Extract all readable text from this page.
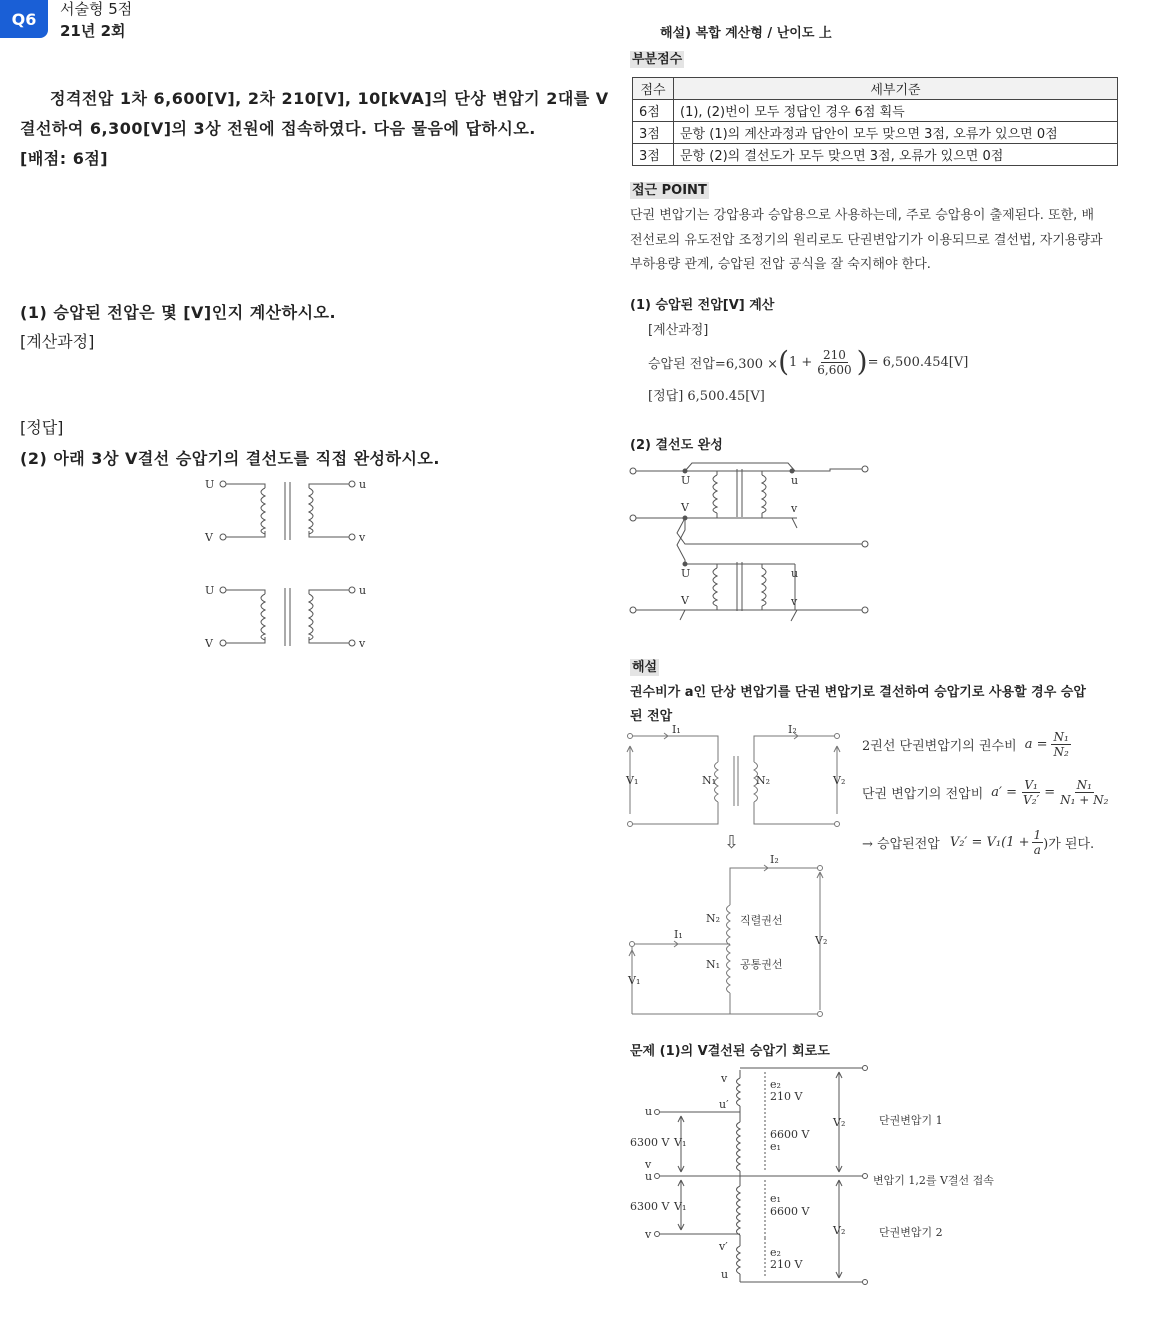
Q6
서술형 5점
21년 2회
정격전압 1차 6,600[V], 2차 210[V], 10[kVA]의 단상 변압기 2대를 V
결선하여 6,300[V]의 3상 전원에 접속하였다. 다음 물음에 답하시오.
[배점: 6점]
(1) 승압된 전압은 몇 [V]인지 계산하시오.
[계산과정]
[정답]
(2) 아래 3상 V결선 승압기의 결선도를 직접 완성하시오.
U
V
u
v
U
V
u
v
해설) 복합 계산형 / 난이도 上
부분점수
점수	세부기준
6점	(1), (2)번이 모두 정답인 경우 6점 획득
3점	문항 (1)의 계산과정과 답안이 모두 맞으면 3점, 오류가 있으면 0점
3점	문항 (2)의 결선도가 모두 맞으면 3점, 오류가 있으면 0점
접근 POINT
단권 변압기는 강압용과 승압용으로 사용하는데, 주로 승압용이 출제된다. 또한, 배
전선로의 유도전압 조정기의 원리로도 단권변압기가 이용되므로 결선법, 자기용량과
부하용량 관계, 승압된 전압 공식을 잘 숙지해야 한다.
(1) 승압된 전압[V] 계산
[계산과정]
승압된 전압=6,300 × ( $1 + \frac{210}{6,600}$ ) = 6,500.454[V]
[정답] 6,500.45[V]
(2) 결선도 완성
U
V
u
v
U
V
u
v
해설
권수비가 a인 단상 변압기를 단권 변압기로 결선하여 승압기로 사용할 경우 승압
된 전압
I₁	I₂
V₁	V₂
N₁	N₂
2권선 단권변압기의 권수비 $a = \frac{\text{N₁}}{\text{N₂}}$
단권 변압기의 전압비 $a' = \frac{\text{V₁}}{\text{V₂′}} = \frac{\text{N₁}}{\text{N₁ + N₂}}$
→ 승압된전압 $V_2' = V_1(1 + \frac{1}{a}$ )가 된다.
⇩
I₂
I₁
N₂ 직렬권선
N₁ 공통권선
V₂
V₁
문제 (1)의 V결선된 승압기 회로도
v
u′
u
v
u
v
v′
u
6300 V V₁
6300 V V₁
e₂
210 V
6600 V
e₁
e₁
6600 V
e₂
210 V
V₂
V₂
단권변압기 1
변압기 1,2를 V결선 접속
단권변압기 2
